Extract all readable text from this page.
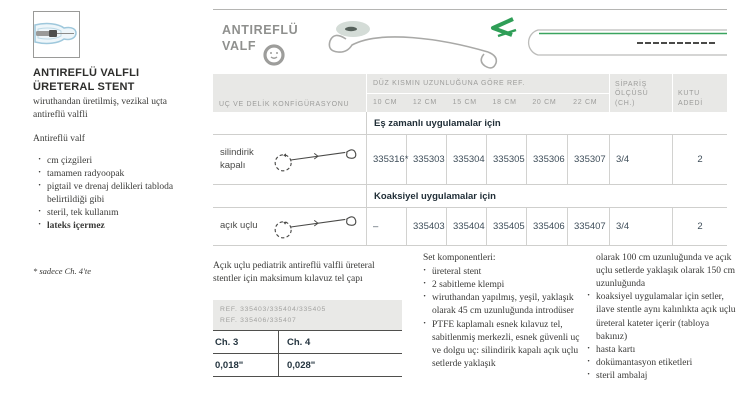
ANTIREFLÜ VALFLI
ÜRETERAL STENT
wiruthandan üretilmiş, vezikal uçta antireflü valfli
Antireflü valf
· cm çizgileri
· tamamen radyoopak
· pigtail ve drenaj delikleri tabloda belirtildiği gibi
· steril, tek kullanım
· lateks içermez
* sadece Ch. 4'te
ANTIREFLÜ
VALF
UÇ VE DELİK KONFİGÜRASYONU
DÜZ KISMIN UZUNLUĞUNA GÖRE REF.
10 CM	12 CM	15 CM	18 CM	20 CM	22 CM
SİPARİŞ
ÖLÇÜSÜ (CH.)
KUTU
ADEDİ
Eş zamanlı uygulamalar için
silindirik kapalı	335316* 335303 335304 335305 335306 335307	3/4	2
Koaksiyel uygulamalar için
açık uçlu	–	335403 335404 335405 335406 335407	3/4	2
Açık uçlu pediatrik antireflü valfli üreteral stentler için maksimum kılavuz tel çapı
REF. 335403/335404/335405
REF. 335406/335407
Ch. 3	Ch. 4
0,018"	0,028"
Set komponentleri:
· üreteral stent
· 2 sabitleme klempi
· wiruthandan yapılmış, yeşil, yaklaşık olarak 45 cm uzunluğunda introdüser
· PTFE kaplamalı esnek kılavuz tel, sabitlenmiş merkezli, esnek güvenli uç ve dolgu uç: silindirik kapalı açık uçlu setlerde yaklaşık
olarak 100 cm uzunluğunda ve açık uçlu setlerde yaklaşık olarak 150 cm uzunluğunda
· koaksiyel uygulamalar için setler, ilave stentle aynı kalınlıkta açık uçlu üreteral kateter içerir (tabloya bakınız)
· hasta kartı
· dokümantasyon etiketleri
· steril ambalaj
